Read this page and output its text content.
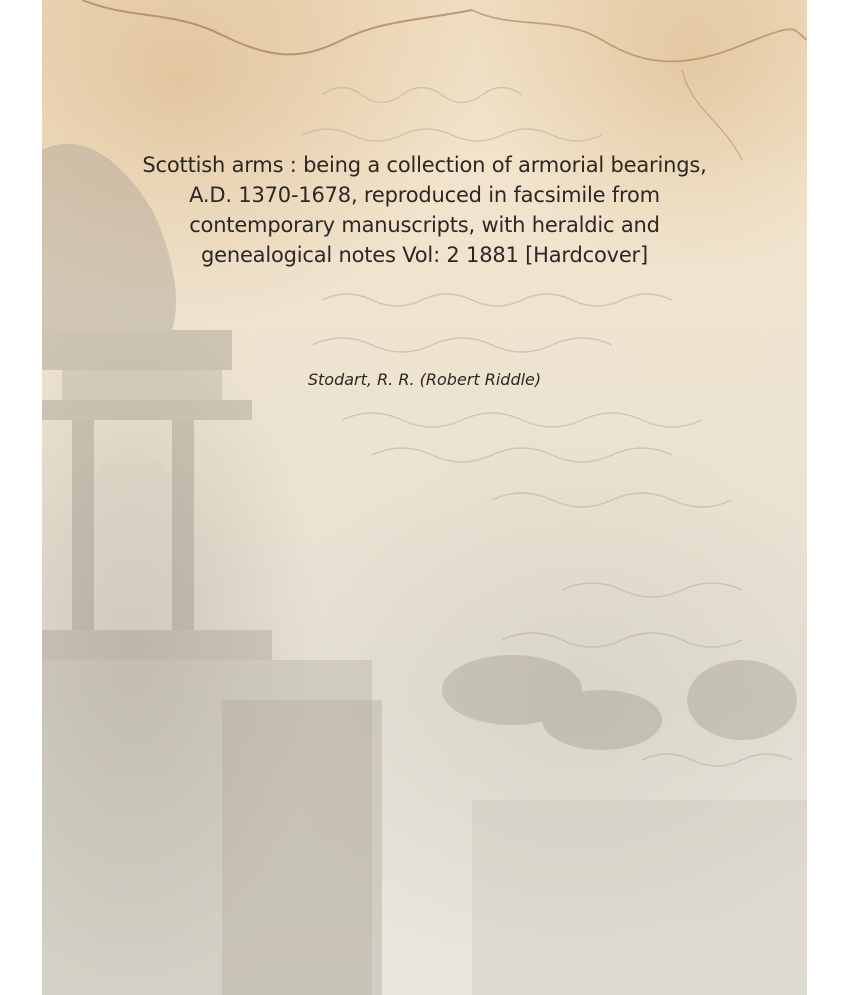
Scottish arms : being a collection of armorial bearings,
A.D. 1370-1678, reproduced in facsimile from
contemporary manuscripts, with heraldic and
genealogical notes Vol: 2 1881 [Hardcover]
Stodart, R. R. (Robert Riddle)
